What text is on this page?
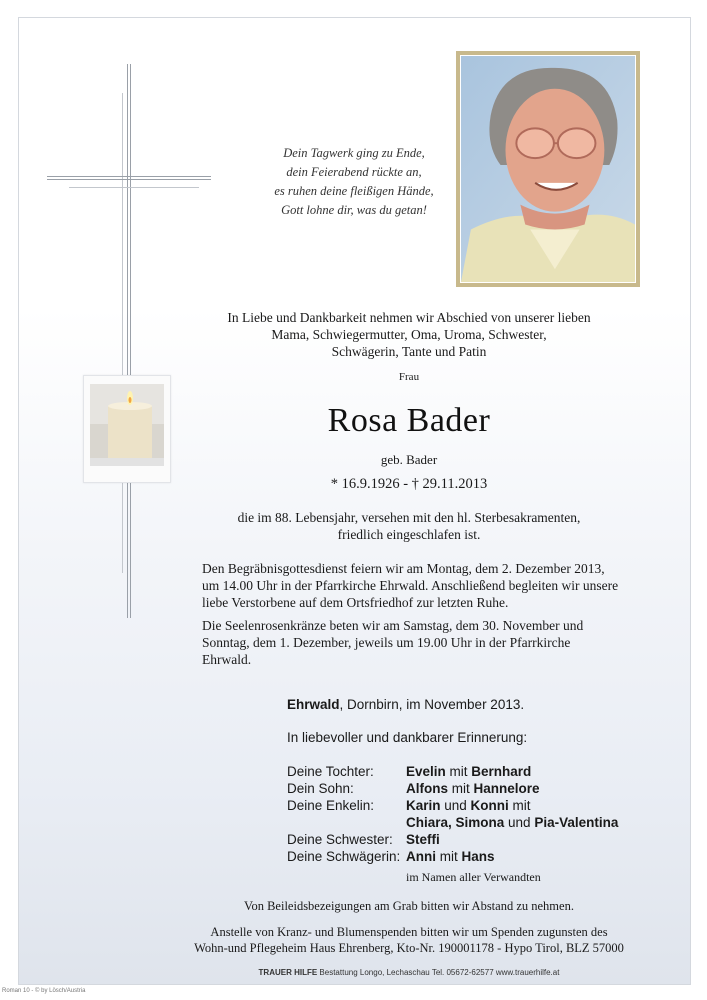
Dein Tagwerk ging zu Ende,
dein Feierabend rückte an,
es ruhen deine fleißigen Hände,
Gott lohne dir, was du getan!
In Liebe und Dankbarkeit nehmen wir Abschied von unserer lieben
Mama, Schwiegermutter, Oma, Uroma, Schwester,
Schwägerin, Tante und Patin
Frau
Rosa Bader
geb. Bader
* 16.9.1926 - † 29.11.2013
die im 88. Lebensjahr, versehen mit den hl. Sterbesakramenten,
friedlich eingeschlafen ist.
Den Begräbnisgottesdienst feiern wir am Montag, dem 2. Dezember 2013,
um 14.00 Uhr in der Pfarrkirche Ehrwald. Anschließend begleiten wir unsere
liebe Verstorbene auf dem Ortsfriedhof zur letzten Ruhe.
Die Seelenrosenkränze beten wir am Samstag, dem 30. November und
Sonntag, dem 1. Dezember, jeweils um 19.00 Uhr in der Pfarrkirche
Ehrwald.
Ehrwald, Dornbirn, im November 2013.
In liebevoller und dankbarer Erinnerung:
Deine Tochter: Evelin mit Bernhard
Dein Sohn:	Alfons mit Hannelore
Deine Enkelin: Karin und Konni mit
Chiara, Simona und Pia-Valentina
Deine Schwester: Steffi
Deine Schwägerin: Anni mit Hans
im Namen aller Verwandten
Von Beileidsbezeigungen am Grab bitten wir Abstand zu nehmen.
Anstelle von Kranz- und Blumenspenden bitten wir um Spenden zugunsten des
Wohn-und Pflegeheim Haus Ehrenberg, Kto-Nr. 190001178 - Hypo Tirol, BLZ 57000
TRAUER HILFE Bestattung Longo, Lechaschau Tel. 05672-62577 www.trauerhilfe.at
Roman 10 - © by Lösch/Austria
